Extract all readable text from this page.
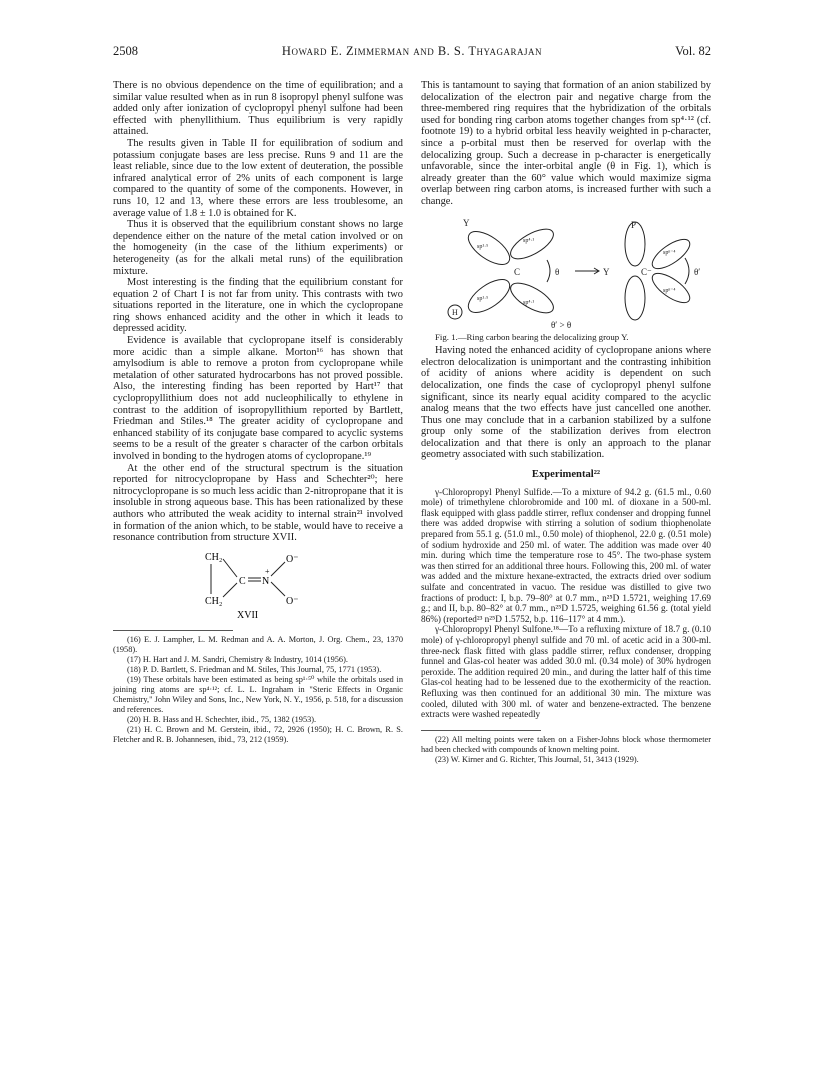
2508	Howard E. Zimmerman and B. S. Thyagarajan	Vol. 82

There is no obvious dependence on the time of equilibration; and a similar value resulted when as in run 8 isopropyl phenyl sulfone was added only after ionization of cyclopropyl phenyl sulfone had been effected with phenyllithium. Thus equilibrium is very rapidly attained.

The results given in Table II for equilibration of sodium and potassium conjugate bases are less precise. Runs 9 and 11 are the least reliable, since due to the low extent of deuteration, the possible infrared analytical error of 2% units of each component is large compared to the quantity of some of the components. However, in runs 10, 12 and 13, where these errors are less troublesome, an average value of 1.8 ± 1.0 is obtained for K.

Thus it is observed that the equilibrium constant shows no large dependence either on the nature of the metal cation involved or on the homogeneity (in the case of the lithium experiments) or heterogeneity (as for the alkali metal runs) of the equilibration mixture.

Most interesting is the finding that the equilibrium constant for equation 2 of Chart I is not far from unity. This contrasts with two situations reported in the literature, one in which the cyclopropane ring shows enhanced acidity and the other in which it leads to depressed acidity.

Evidence is available that cyclopropane itself is considerably more acidic than a simple alkane. Morton¹⁶ has shown that amylsodium is able to remove a proton from cyclopropane while metalation of other saturated hydrocarbons has not proved possible. Also, the interesting finding has been reported by Hart¹⁷ that cyclopropyllithium does not add nucleophilically to ethylene in contrast to the addition of isopropyllithium reported by Bartlett, Friedman and Stiles.¹⁸ The greater acidity of cyclopropane and enhanced stability of its conjugate base compared to acyclic systems seems to be a result of the greater s character of the carbon orbitals involved in bonding to the hydrogen atoms of cyclopropane.¹⁹

At the other end of the structural spectrum is the situation reported for nitrocyclopropane by Hass and Schechter²⁰; here nitrocyclopropane is so much less acidic than 2-nitropropane that it is insoluble in strong aqueous base. This has been rationalized by these authors who attributed the weak acidity to internal strain²¹ involved in formation of the anion which, to be stable, would have to receive a resonance contribution from structure XVII.

CH₂
CH₂
C N
+
O⁻
O⁻
XVII

(16) E. J. Lampher, L. M. Redman and A. A. Morton, J. Org. Chem., 23, 1370 (1958).

(17) H. Hart and J. M. Sandri, Chemistry & Industry, 1014 (1956).

(18) P. D. Bartlett, S. Friedman and M. Stiles, This Journal, 75, 1771 (1953).

(19) These orbitals have been estimated as being sp¹·⁵⁰ while the orbitals used in joining ring atoms are sp⁴·¹²; cf. L. L. Ingraham in "Steric Effects in Organic Chemistry," John Wiley and Sons, Inc., New York, N. Y., 1956, p. 518, for a discussion and references.

(20) H. B. Hass and H. Schechter, ibid., 75, 1382 (1953).

(21) H. C. Brown and M. Gerstein, ibid., 72, 2926 (1950); H. C. Brown, R. S. Fletcher and R. B. Johannesen, ibid., 73, 212 (1959).

This is tantamount to saying that formation of an anion stabilized by delocalization of the electron pair and negative charge from the three-membered ring requires that the hybridization of the orbitals used for bonding ring carbon atoms together changes from sp⁴·¹² (cf. footnote 19) to a hybrid orbital less heavily weighted in p-character, since a p-orbital must then be reserved for overlap with the delocalizing group. Such a decrease in p-character is energetically unfavorable, since the inter-orbital angle (θ in Fig. 1), which is already greater than the 60° value which would maximize sigma overlap between ring carbon atoms, is increased further with such a change.

Y
H
P
C	θ	Y	C⁻	θ′
sp¹·⁵
sp⁴·¹
sp⁴·¹
sp¹·⁵
spⁿ⁻⁴
spⁿ⁻⁴
θ′ > θ

Fig. 1.—Ring carbon bearing the delocalizing group Y.

Having noted the enhanced acidity of cyclopropane anions where electron delocalization is unimportant and the contrasting inhibition of acidity of anions where acidity is dependent on such delocalization, one finds the case of cyclopropyl phenyl sulfone significant, since its nearly equal acidity compared to the acyclic analog means that the two effects have just cancelled one another. Thus one may conclude that in a carbanion stabilized by a sulfone group only some of the stabilization derives from electron delocalization and that there is only an approach to the planar geometry associated with such stabilization.

Experimental²²

γ-Chloropropyl Phenyl Sulfide.—To a mixture of 94.2 g. (61.5 ml., 0.60 mole) of trimethylene chlorobromide and 100 ml. of dioxane in a 500-ml. flask equipped with glass paddle stirrer, reflux condenser and dropping funnel there was added dropwise with stirring a solution of sodium thiophenolate prepared from 55.1 g. (51.0 ml., 0.50 mole) of thiophenol, 22.0 g. (0.51 mole) of sodium hydroxide and 250 ml. of water. The addition was made over 40 min. during which time the temperature rose to 45°. The two-phase system was then stirred for an additional three hours. Following this, 200 ml. of water was added and the mixture hexane-extracted, the extracts dried over sodium sulfate and concentrated in vacuo. The residue was distilled to give two fractions of product: I, b.p. 79–80° at 0.7 mm., n²⁵D 1.5721, weighing 17.69 g.; and II, b.p. 80–82° at 0.7 mm., n²⁵D 1.5725, weighing 61.56 g. (total yield 86%) (reported²³ n²⁵D 1.5752, b.p. 116–117° at 4 mm.).

γ-Chloropropyl Phenyl Sulfone.¹⁸—To a refluxing mixture of 18.7 g. (0.10 mole) of γ-chloropropyl phenyl sulfide and 70 ml. of acetic acid in a 300-ml. three-neck flask fitted with glass paddle stirrer, reflux condenser, dropping funnel and Glas-col heater was added 30.0 ml. (0.34 mole) of 30% hydrogen peroxide. The addition required 20 min., and during the latter half of this time Glas-col heating had to be lessened due to the exothermicity of the reaction. Refluxing was then continued for an additional 30 min. The mixture was cooled, diluted with 300 ml. of water and benzene-extracted. The benzene extracts were washed repeatedly

(22) All melting points were taken on a Fisher-Johns block whose thermometer had been checked with compounds of known melting point.

(23) W. Kirner and G. Richter, This Journal, 51, 3413 (1929).
